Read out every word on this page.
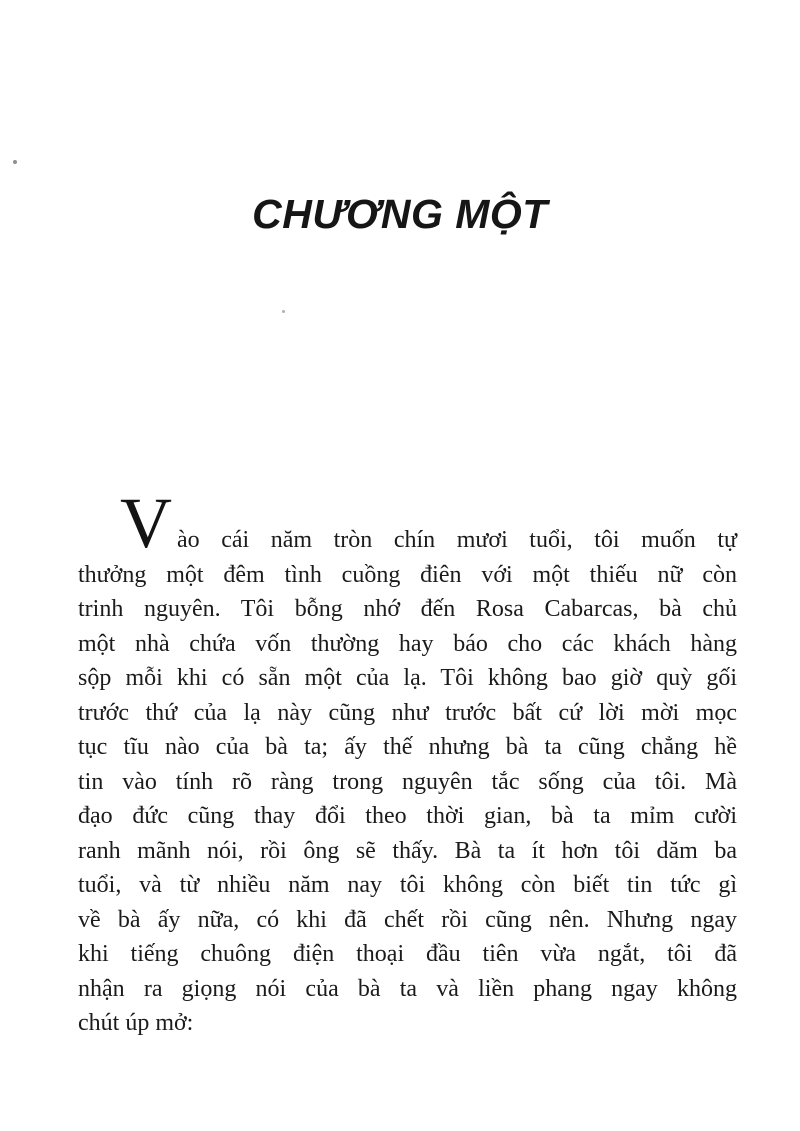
CHƯƠNG MỘT
Vào cái năm tròn chín mươi tuổi, tôi muốn tự
thưởng một đêm tình cuồng điên với một thiếu nữ còn
trinh nguyên. Tôi bỗng nhớ đến Rosa Cabarcas, bà chủ
một nhà chứa vốn thường hay báo cho các khách hàng
sộp mỗi khi có sẵn một của lạ. Tôi không bao giờ quỳ gối
trước thứ của lạ này cũng như trước bất cứ lời mời mọc
tục tĩu nào của bà ta; ấy thế nhưng bà ta cũng chẳng hề
tin vào tính rõ ràng trong nguyên tắc sống của tôi. Mà
đạo đức cũng thay đổi theo thời gian, bà ta mỉm cười
ranh mãnh nói, rồi ông sẽ thấy. Bà ta ít hơn tôi dăm ba
tuổi, và từ nhiều năm nay tôi không còn biết tin tức gì
về bà ấy nữa, có khi đã chết rồi cũng nên. Nhưng ngay
khi tiếng chuông điện thoại đầu tiên vừa ngắt, tôi đã
nhận ra giọng nói của bà ta và liền phang ngay không
chút úp mở:
